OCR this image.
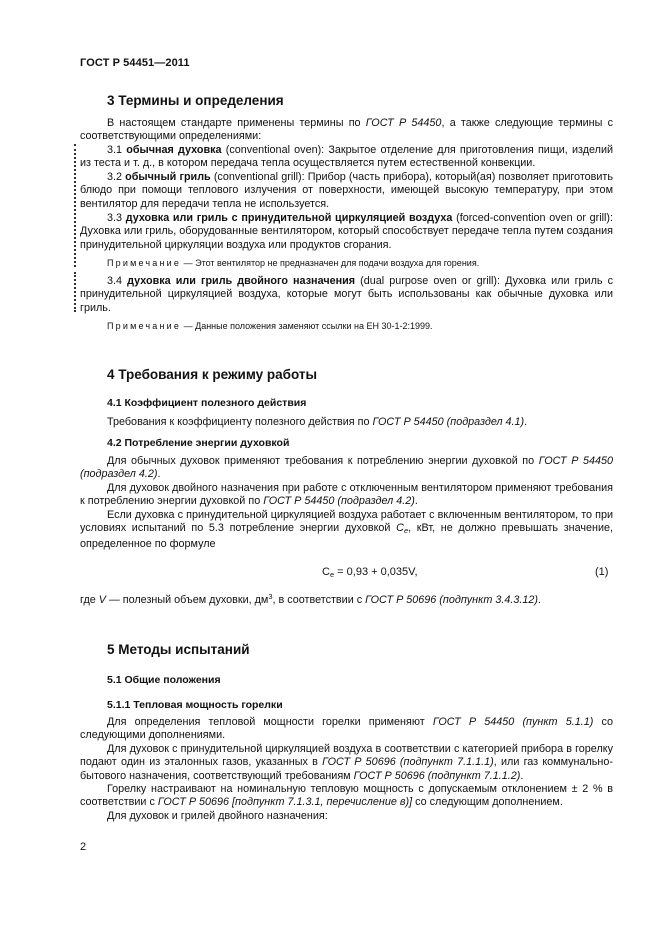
ГОСТ Р 54451—2011
3 Термины и определения

В настоящем стандарте применены термины по ГОСТ Р 54450, а также следующие термины с соответствующими определениями:

3.1 обычная духовка (conventional oven): Закрытое отделение для приготовления пищи, изделий из теста и т. д., в котором передача тепла осуществляется путем естественной конвекции.

3.2 обычный гриль (conventional grill): Прибор (часть прибора), который(ая) позволяет приготовить блюдо при помощи теплового излучения от поверхности, имеющей высокую температуру, при этом вентилятор для передачи тепла не используется.

3.3 духовка или гриль с принудительной циркуляцией воздуха (forced-convention oven or grill): Духовка или гриль, оборудованные вентилятором, который способствует передаче тепла путем создания принудительной циркуляции воздуха или продуктов сгорания.

Примечание — Этот вентилятор не предназначен для подачи воздуха для горения.

3.4 духовка или гриль двойного назначения (dual purpose oven or grill): Духовка или гриль с принудительной циркуляцией воздуха, которые могут быть использованы как обычные духовка или гриль.

Примечание — Данные положения заменяют ссылки на ЕН 30-1-2:1999.

4 Требования к режиму работы
4.1 Коэффициент полезного действия

Требования к коэффициенту полезного действия по ГОСТ Р 54450 (подраздел 4.1).

4.2 Потребление энергии духовкой

Для обычных духовок применяют требования к потреблению энергии духовкой по ГОСТ Р 54450 (подраздел 4.2).

Для духовок двойного назначения при работе с отключенным вентилятором применяют требования к потреблению энергии духовкой по ГОСТ Р 54450 (подраздел 4.2).

Если духовка с принудительной циркуляцией воздуха работает с включенным вентилятором, то при условиях испытаний по 5.3 потребление энергии духовкой $C_e$, кВт, не должно превышать значение, определенное по формуле

$C_e = 0,93 + 0,035V$,	(1)

где V — полезный объем духовки, $дм^3$, в соответствии с ГОСТ Р 50696 (подпункт 3.4.3.12).

5 Методы испытаний
5.1 Общие положения
5.1.1 Тепловая мощность горелки

Для определения тепловой мощности горелки применяют ГОСТ Р 54450 (пункт 5.1.1) со следующими дополнениями.

Для духовок с принудительной циркуляцией воздуха в соответствии с категорией прибора в горелку подают один из эталонных газов, указанных в ГОСТ Р 50696 (подпункт 7.1.1.1), или газ коммунально-бытового назначения, соответствующий требованиям ГОСТ Р 50696 (подпункт 7.1.1.2).

Горелку настраивают на номинальную тепловую мощность с допускаемым отклонением ± 2 % в соответствии с ГОСТ Р 50696 [подпункт 7.1.3.1, перечисление в)] со следующим дополнением.

Для духовок и грилей двойного назначения:

2
